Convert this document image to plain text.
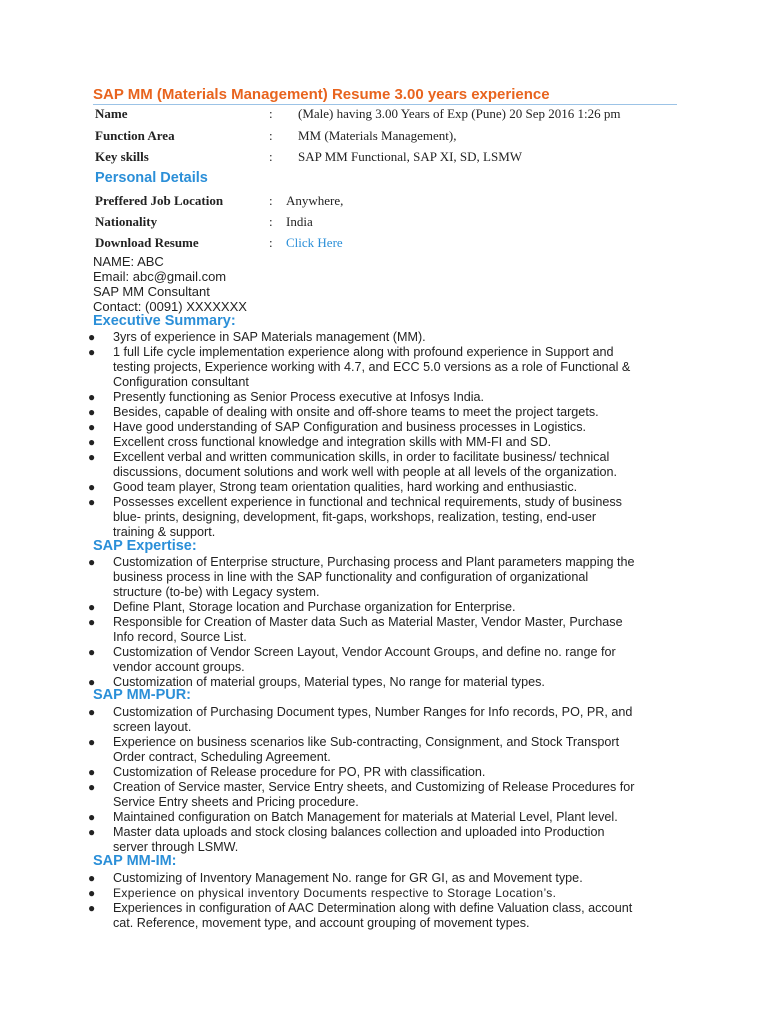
SAP MM (Materials Management) Resume 3.00 years experience
Name	: (Male) having 3.00 Years of Exp (Pune) 20 Sep 2016 1:26 pm
Function Area	: MM (Materials Management),
Key skills	: SAP MM Functional, SAP XI, SD, LSMW
Personal Details
Preffered Job Location	: Anywhere,
Nationality	: India
Download Resume	: Click Here
NAME: ABC
Email: abc@gmail.com
SAP MM Consultant
Contact: (0091) XXXXXXX
Executive Summary:
● 3yrs of experience in SAP Materials management (MM).
● 1 full Life cycle implementation experience along with profound experience in Support and
testing projects, Experience working with 4.7, and ECC 5.0 versions as a role of Functional &
Configuration consultant
● Presently functioning as Senior Process executive at Infosys India.
● Besides, capable of dealing with onsite and off-shore teams to meet the project targets.
● Have good understanding of SAP Configuration and business processes in Logistics.
● Excellent cross functional knowledge and integration skills with MM-FI and SD.
● Excellent verbal and written communication skills, in order to facilitate business/ technical
discussions, document solutions and work well with people at all levels of the organization.
● Good team player, Strong team orientation qualities, hard working and enthusiastic.
● Possesses excellent experience in functional and technical requirements, study of business
blue- prints, designing, development, fit-gaps, workshops, realization, testing, end-user
training & support.
SAP Expertise:
● Customization of Enterprise structure, Purchasing process and Plant parameters mapping the
business process in line with the SAP functionality and configuration of organizational
structure (to-be) with Legacy system.
● Define Plant, Storage location and Purchase organization for Enterprise.
● Responsible for Creation of Master data Such as Material Master, Vendor Master, Purchase
Info record, Source List.
● Customization of Vendor Screen Layout, Vendor Account Groups, and define no. range for
vendor account groups.
● Customization of material groups, Material types, No range for material types.
SAP MM-PUR:
● Customization of Purchasing Document types, Number Ranges for Info records, PO, PR, and
screen layout.
● Experience on business scenarios like Sub-contracting, Consignment, and Stock Transport
Order contract, Scheduling Agreement.
● Customization of Release procedure for PO, PR with classification.
● Creation of Service master, Service Entry sheets, and Customizing of Release Procedures for
Service Entry sheets and Pricing procedure.
● Maintained configuration on Batch Management for materials at Material Level, Plant level.
● Master data uploads and stock closing balances collection and uploaded into Production
server through LSMW.
SAP MM-IM:
● Customizing of Inventory Management No. range for GR GI, as and Movement type.
● Experience on physical inventory Documents respective to Storage Location’s.
● Experiences in configuration of AAC Determination along with define Valuation class, account
cat. Reference, movement type, and account grouping of movement types.
